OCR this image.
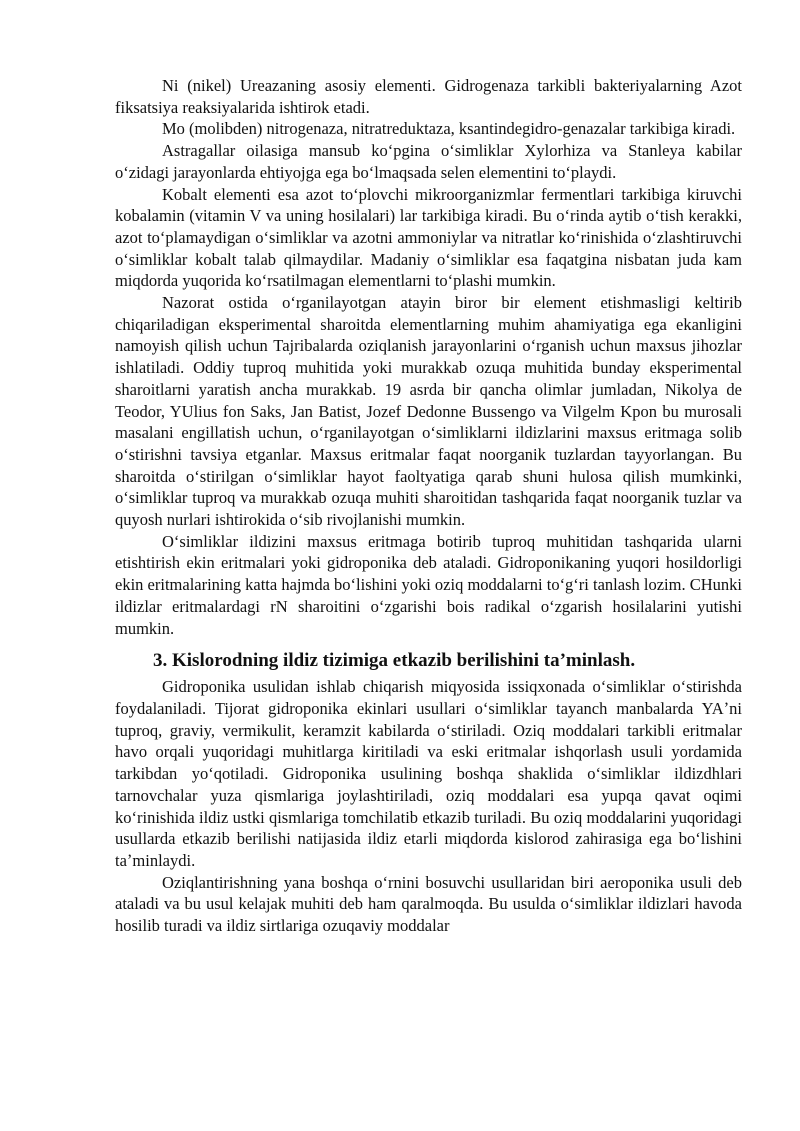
Ni (nikel) Ureazaning asosiy elementi. Gidrogenaza tarkibli bakteriyalarning Azot fiksatsiya reaksiyalarida ishtirok etadi.

Mo (molibden) nitrogenaza, nitratreduktaza, ksantindegidro-genazalar tarkibiga kiradi.

Astragallar oilasiga mansub koʻpgina oʻsimliklar Xylorhiza va Stanleya kabilar oʻzidagi jarayonlarda ehtiyojga ega boʻlmaqsada selen elementini toʻplaydi.

Kobalt elementi esa azot toʻplovchi mikroorganizmlar fermentlari tarkibiga kiruvchi kobalamin (vitamin V va uning hosilalari) lar tarkibiga kiradi. Bu oʻrinda aytib oʻtish kerakki, azot toʻplamaydigan oʻsimliklar va azotni ammoniylar va nitratlar koʻrinishida oʻzlashtiruvchi oʻsimliklar kobalt talab qilmaydilar. Madaniy oʻsimliklar esa faqatgina nisbatan juda kam miqdorda yuqorida koʻrsatilmagan elementlarni toʻplashi mumkin.

Nazorat ostida oʻrganilayotgan atayin biror bir element etishmasligi keltirib chiqariladigan eksperimental sharoitda elementlarning muhim ahamiyatiga ega ekanligini namoyish qilish uchun Tajribalarda oziqlanish jarayonlarini oʻrganish uchun maxsus jihozlar ishlatiladi. Oddiy tuproq muhitida yoki murakkab ozuqa muhitida bunday eksperimental sharoitlarni yaratish ancha murakkab. 19 asrda bir qancha olimlar jumladan, Nikolya de Teodor, YUlius fon Saks, Jan Batist, Jozef Dedonne Bussengo va Vilgelm Kpon bu murosali masalani engillatish uchun, oʻrganilayotgan oʻsimliklarni ildizlarini maxsus eritmaga solib oʻstirishni tavsiya etganlar. Maxsus eritmalar faqat noorganik tuzlardan tayyorlangan. Bu sharoitda oʻstirilgan oʻsimliklar hayot faoltyatiga qarab shuni hulosa qilish mumkinki, oʻsimliklar tuproq va murakkab ozuqa muhiti sharoitidan tashqarida faqat noorganik tuzlar va quyosh nurlari ishtirokida oʻsib rivojlanishi mumkin.

Oʻsimliklar ildizini maxsus eritmaga botirib tuproq muhitidan tashqarida ularni etishtirish ekin eritmalari yoki gidroponika deb ataladi. Gidroponikaning yuqori hosildorligi ekin eritmalarining katta hajmda boʻlishini yoki oziq moddalarni toʻgʻri tanlash lozim. CHunki ildizlar eritmalardagi rN sharoitini oʻzgarishi bois radikal oʻzgarish hosilalarini yutishi mumkin.

3. Kislorodning ildiz tizimiga etkazib berilishini taʼminlash.

Gidroponika usulidan ishlab chiqarish miqyosida issiqxonada oʻsimliklar oʻstirishda foydalaniladi. Tijorat gidroponika ekinlari usullari oʻsimliklar tayanch manbalarda YAʼni tuproq, graviy, vermikulit, keramzit kabilarda oʻstiriladi. Oziq moddalari tarkibli eritmalar havo orqali yuqoridagi muhitlarga kiritiladi va eski eritmalar ishqorlash usuli yordamida tarkibdan yoʻqotiladi. Gidroponika usulining boshqa shaklida oʻsimliklar ildizdhlari tarnovchalar yuza qismlariga joylashtiriladi, oziq moddalari esa yupqa qavat oqimi koʻrinishida ildiz ustki qismlariga tomchilatib etkazib turiladi. Bu oziq moddalarini yuqoridagi usullarda etkazib berilishi natijasida ildiz etarli miqdorda kislorod zahirasiga ega boʻlishini taʼminlaydi.

Oziqlantirishning yana boshqa oʻrnini bosuvchi usullaridan biri aeroponika usuli deb ataladi va bu usul kelajak muhiti deb ham qaralmoqda. Bu usulda oʻsimliklar ildizlari havoda hosilib turadi va ildiz sirtlariga ozuqaviy moddalar
